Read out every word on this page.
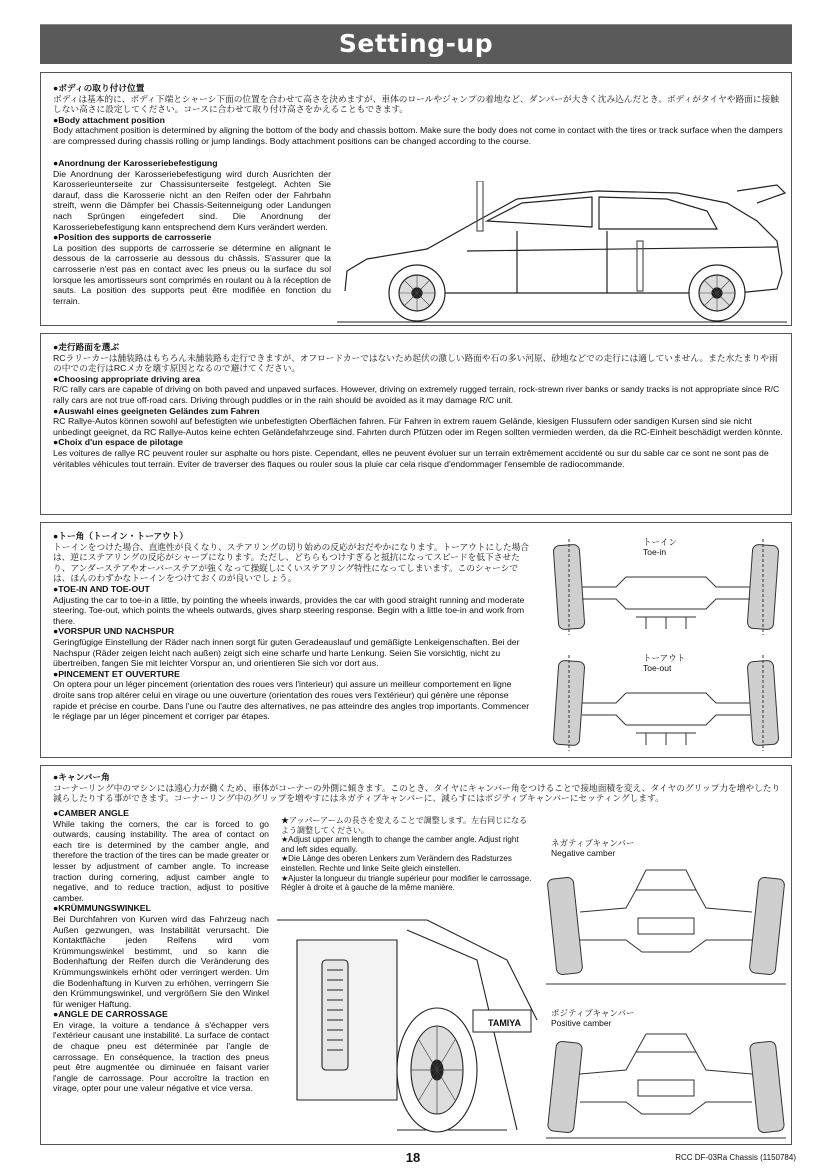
Setting-up
●ボディの取り付け位置
ボディは基本的に、ボディ下端とシャーシ下面の位置を合わせて高さを決めますが、車体のロールやジャンプの着地など、ダンパーが大きく沈み込んだとき、ボディがタイヤや路面に接触しない高さに設定してください。コースに合わせて取り付け高さをかえることもできます。
●Body attachment position
Body attachment position is determined by aligning the bottom of the body and chassis bottom. Make sure the body does not come in contact with the tires or track surface when the dampers are compressed during chassis rolling or jump landings. Body attachment positions can be changed according to the course.
●Anordnung der Karosseriebefestigung
Die Anordnung der Karosseriebefestigung wird durch Ausrichten der Karosserieunterseite zur Chassisunterseite festgelegt. Achten Sie darauf, dass die Karosserie nicht an den Reifen oder der Fahrbahn streift, wenn die Dämpfer bei Chassis-Seitenneigung oder Landungen nach Sprüngen eingefedert sind. Die Anordnung der Karosseriebefestigung kann entsprechend dem Kurs verändert werden.
●Position des supports de carrosserie
La position des supports de carrosserie se détermine en alignant le dessous de la carrosserie au dessous du châssis. S'assurer que la carrosserie n'est pas en contact avec les pneus ou la surface du sol lorsque les amortisseurs sont comprimés en roulant ou à la réception de sauts. La position des supports peut être modifiée en fonction du terrain.
●走行路面を選ぶ
RCラリーカーは舗装路はもちろん未舗装路も走行できますが、オフロードカーではないため起伏の激しい路面や石の多い河原、砂地などでの走行には適していません。また水たまりや雨の中での走行はRCメカを壊す原因となるので避けてください。
●Choosing appropriate driving area
R/C rally cars are capable of driving on both paved and unpaved surfaces. However, driving on extremely rugged terrain, rock-strewn river banks or sandy tracks is not appropriate since R/C rally cars are not true off-road cars. Driving through puddles or in the rain should be avoided as it may damage R/C unit.
●Auswahl eines geeigneten Geländes zum Fahren
RC Rallye-Autos können sowohl auf befestigten wie unbefestigten Oberflächen fahren. Für Fahren in extrem rauem Gelände, kiesigen Flussufern oder sandigen Kursen sind sie nicht unbedingt geeignet, da RC Rallye-Autos keine echten Geländefahrzeuge sind. Fahrten durch Pfützen oder im Regen sollten vermieden werden, da die RC-Einheit beschädigt werden könnte.
●Choix d'un espace de pilotage
Les voitures de rallye RC peuvent rouler sur asphalte ou hors piste. Cependant, elles ne peuvent évoluer sur un terrain extrêmement accidenté ou sur du sable car ce sont ne sont pas de véritables véhicules tout terrain. Eviter de traverser des flaques ou rouler sous la pluie car cela risque d'endommager l'ensemble de radiocommande.
●トー角（トーイン・トーアウト）
トーインをつけた場合、直進性が良くなり、ステアリングの切り始めの反応がおだやかになります。トーアウトにした場合は、逆にステアリングの反応がシャープになります。ただし、どちらもつけすぎると抵抗になってスピードを低下させたり、アンダーステアやオーバーステアが強くなって操縦しにくいステアリング特性になってしまいます。このシャーシでは、ほんのわずかなトーインをつけておくのが良いでしょう。
●TOE-IN AND TOE-OUT
Adjusting the car to toe-in a little, by pointing the wheels inwards, provides the car with good straight running and moderate steering. Toe-out, which points the wheels outwards, gives sharp steering response. Begin with a little toe-in and work from there.
●VORSPUR UND NACHSPUR
Geringfügige Einstellung der Räder nach innen sorgt für guten Geradeauslauf und gemäßigte Lenkeigenschaften. Bei der Nachspur (Räder zeigen leicht nach außen) zeigt sich eine scharfe und harte Lenkung. Seien Sie vorsichtig, nicht zu übertreiben, fangen Sie mit leichter Vorspur an, und orientieren Sie sich vor dort aus.
●PINCEMENT ET OUVERTURE
On optera pour un léger pincement (orientation des roues vers l'interieur) qui assure un meilleur comportement en ligne droite sans trop altérer celui en virage ou une ouverture (orientation des roues vers l'extérieur) qui génère une réponse rapide et précise en courbe. Dans l'une ou l'autre des alternatives, ne pas atteindre des angles trop importants. Commencer le réglage par un léger pincement et corriger par étapes.
トーイン
Toe-in
トーアウト
Toe-out
●キャンバー角
コーナーリング中のマシンには遠心力が働くため、車体がコーナーの外側に傾きます。このとき、タイヤにキャンバー角をつけることで接地面積を変え、タイヤのグリップ力を増やしたり減らしたりする事ができます。コーナーリング中のグリップを増やすにはネガティブキャンバーに、減らすにはポジティブキャンバーにセッティングします。
●CAMBER ANGLE
While taking the corners, the car is forced to go outwards, causing instability. The area of contact on each tire is determined by the camber angle, and therefore the traction of the tires can be made greater or lesser by adjustment of camber angle. To increase traction during cornering, adjust camber angle to negative, and to reduce traction, adjust to positive camber.
●KRÜMMUNGSWINKEL
Bei Durchfahren von Kurven wird das Fahrzeug nach Außen gezwungen, was Instabilität verursacht. Die Kontaktfläche jeden Reifens wird vom Krümmungswinkel bestimmt, und so kann die Bodenhaftung der Reifen durch die Veränderung des Krümmungswinkels erhöht oder verringert werden. Um die Bodenhaftung in Kurven zu erhöhen, verringern Sie den Krümmungswinkel, und vergrößern Sie den Winkel für weniger Haftung.
●ANGLE DE CARROSSAGE
En virage, la voiture a tendance à s'échapper vers l'extérieur causant une instabilité. La surface de contact de chaque pneu est déterminée par l'angle de carrossage. En conséquence, la traction des pneus peut être augmentée ou diminuée en faisant varier l'angle de carrossage. Pour accroître la traction en virage, opter pour une valeur négative et vice versa.
★アッパーアームの長さを変えることで調整します。左右同じになるよう調整してください。
★Adjust upper arm length to change the camber angle. Adjust right and left sides equally.
★Die Länge des oberen Lenkers zum Verändern des Radsturzes einstellen. Rechte und linke Seite gleich einstellen.
★Ajuster la longueur du triangle supérieur pour modifier le carrossage. Régler à droite et à gauche de la même manière.
TAMIYA
ネガティブキャンバー
Negative camber
ポジティブキャンバー
Positive camber
18	RCC DF-03Ra Chassis (1150784)
